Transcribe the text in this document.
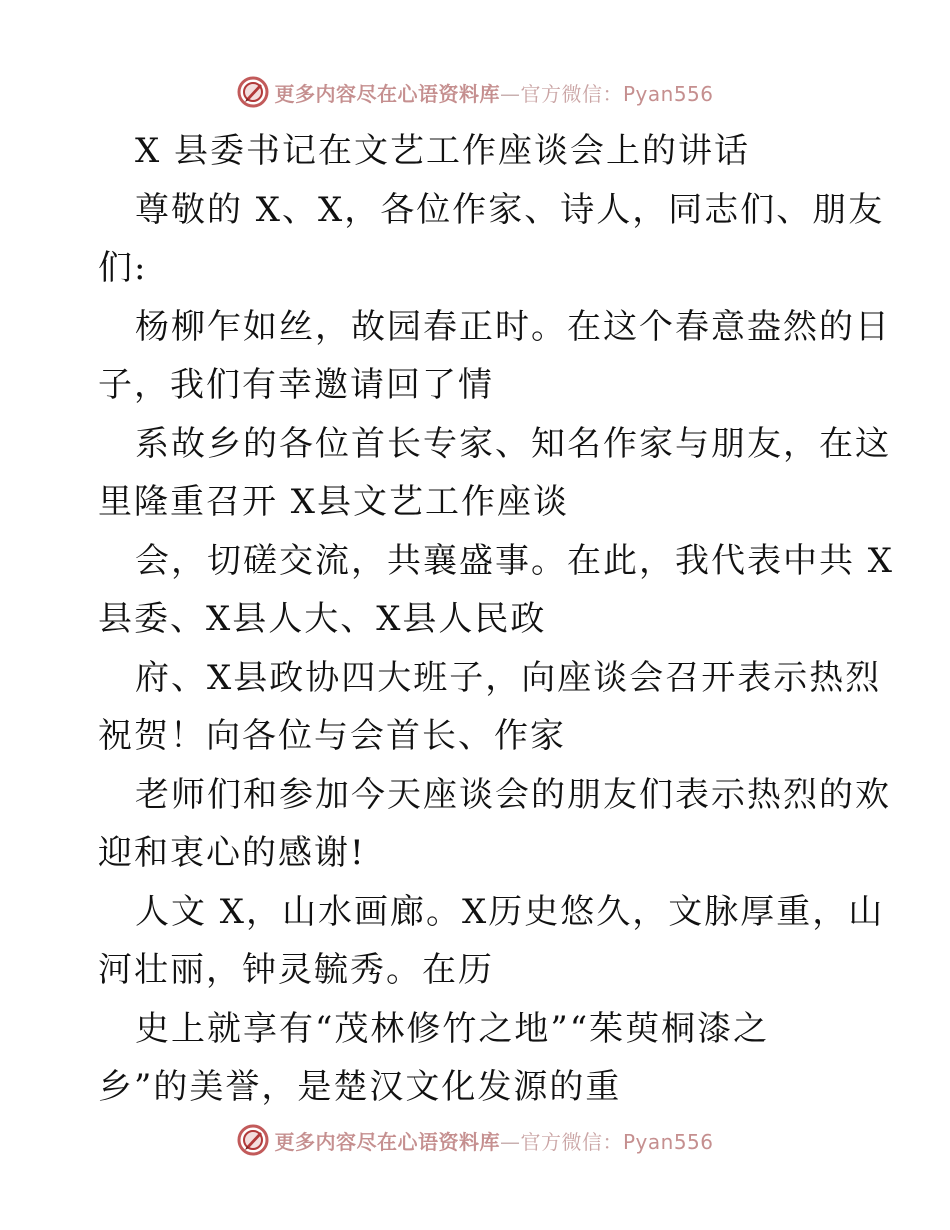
更多内容尽在心语资料库—官方微信：Pyan556
X 县委书记在文艺工作座谈会上的讲话
尊敬的 X、X，各位作家、诗人，同志们、朋友
们:
杨柳乍如丝，故园春正时。在这个春意盎然的日
子，我们有幸邀请回了情
系故乡的各位首长专家、知名作家与朋友，在这
里隆重召开 X县文艺工作座谈
会，切磋交流，共襄盛事。在此，我代表中共 X
县委、X县人大、X县人民政
府、X县政协四大班子，向座谈会召开表示热烈
祝贺！向各位与会首长、作家
老师们和参加今天座谈会的朋友们表示热烈的欢
迎和衷心的感谢!
人文 X，山水画廊。X历史悠久，文脉厚重，山
河壮丽，钟灵毓秀。在历
史上就享有“茂林修竹之地”“茱萸桐漆之
乡”的美誉，是楚汉文化发源的重
更多内容尽在心语资料库—官方微信：Pyan556
